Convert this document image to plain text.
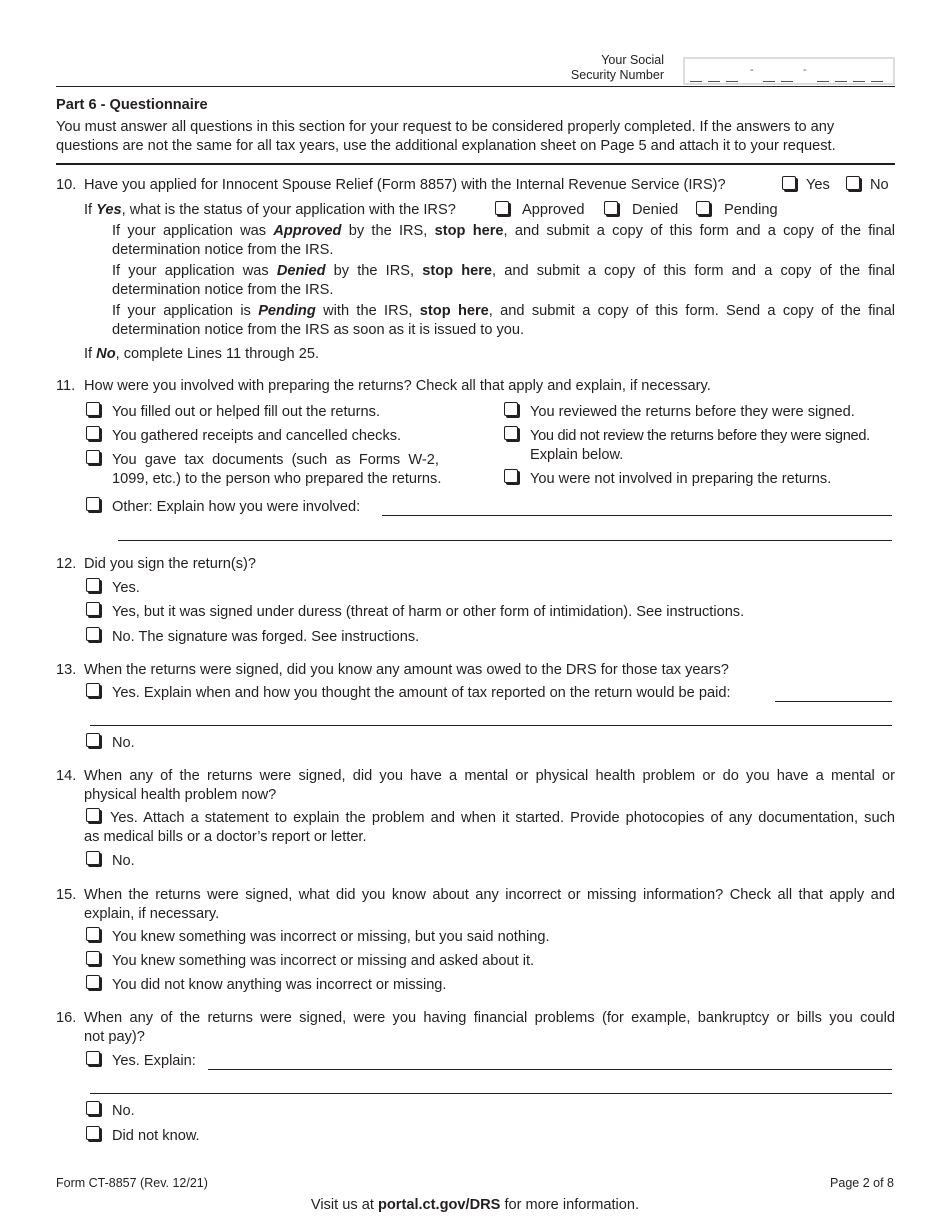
Your Social
Security Number	-	-
Part 6 - Questionnaire
You must answer all questions in this section for your request to be considered properly completed. If the answers to any
questions are not the same for all tax years, use the additional explanation sheet on Page 5 and attach it to your request.
10. Have you applied for Innocent Spouse Relief (Form 8857) with the Internal Revenue Service (IRS)?	Yes	No
If Yes, what is the status of your application with the IRS?	Approved	Denied	Pending
If your application was Approved by the IRS, stop here, and submit a copy of this form and a copy of the final
determination notice from the IRS.
If your application was Denied by the IRS, stop here, and submit a copy of this form and a copy of the final
determination notice from the IRS.
If your application is Pending with the IRS, stop here, and submit a copy of this form. Send a copy of the final
determination notice from the IRS as soon as it is issued to you.
If No, complete Lines 11 through 25.
11. How were you involved with preparing the returns? Check all that apply and explain, if necessary.
You filled out or helped fill out the returns.
You gathered receipts and cancelled checks.
You  gave  tax  documents  (such  as  Forms  W-2,
1099, etc.) to the person who prepared the returns.
You reviewed the returns before they were signed.
You did not review the returns before they were signed.
Explain below.
You were not involved in preparing the returns.
Other: Explain how you were involved:
12. Did you sign the return(s)?
Yes.
Yes, but it was signed under duress (threat of harm or other form of intimidation). See instructions.
No. The signature was forged. See instructions.
13. When the returns were signed, did you know any amount was owed to the DRS for those tax years?
Yes. Explain when and how you thought the amount of tax reported on the return would be paid:
No.
14. When any of the returns were signed, did you have a mental or physical health problem or do you have a mental or
physical health problem now?
Yes. Attach a statement to explain the problem and when it started. Provide photocopies of any documentation, such
as medical bills or a doctor’s report or letter.
No.
15. When the returns were signed, what did you know about any incorrect or missing information? Check all that apply and
explain, if necessary.
You knew something was incorrect or missing, but you said nothing.
You knew something was incorrect or missing and asked about it.
You did not know anything was incorrect or missing.
16. When any of the returns were signed, were you having financial problems (for example, bankruptcy or bills you could
not pay)?
Yes. Explain:
No.
Did not know.
Form CT-8857 (Rev. 12/21)	Page 2 of 8
Visit us at portal.ct.gov/DRS for more information.
